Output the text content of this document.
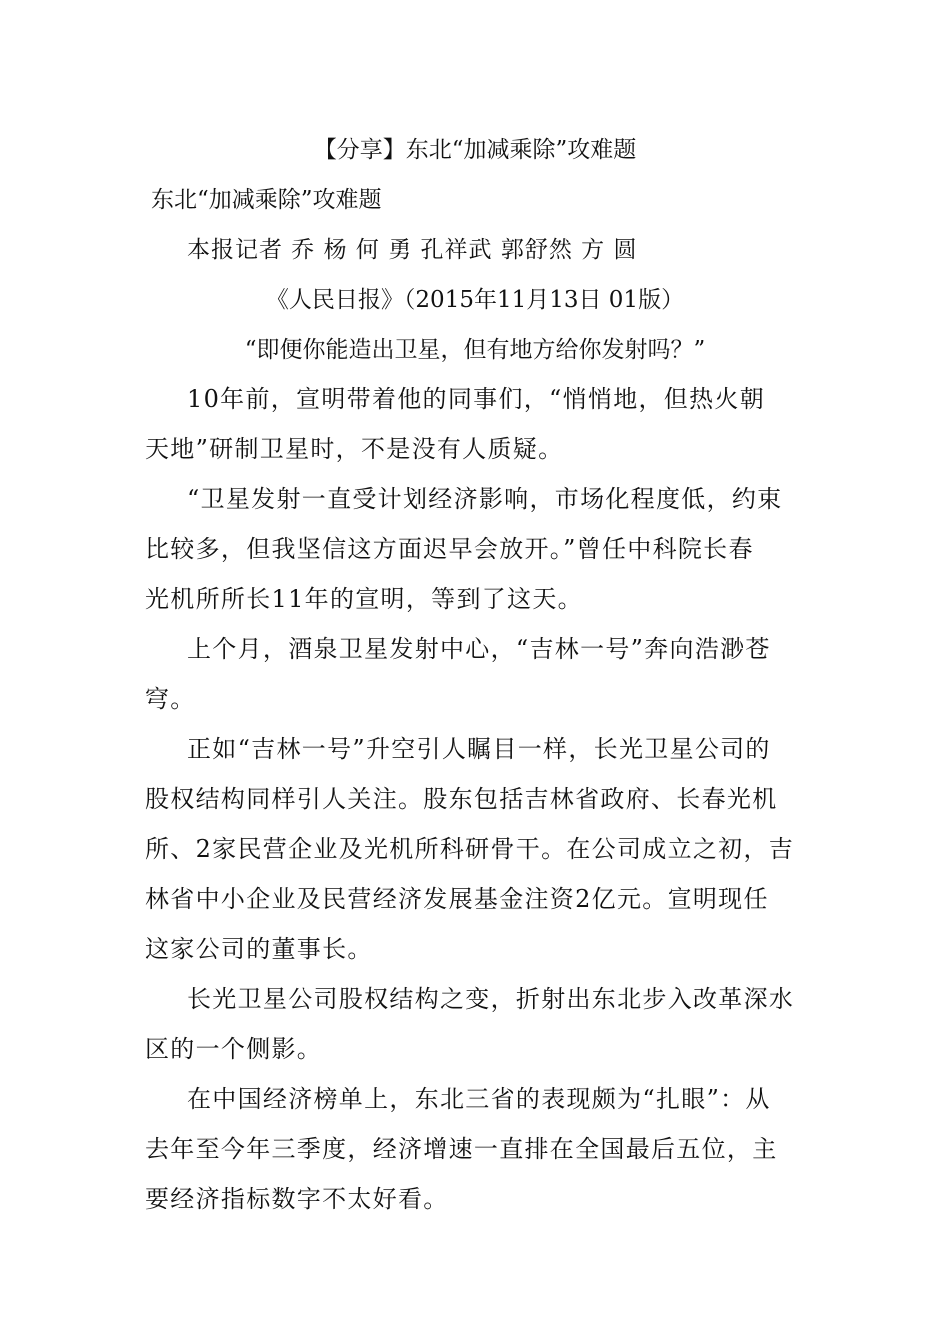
【分享】东北“加减乘除”攻难题
东北“加减乘除”攻难题
本报记者 乔 杨 何 勇 孔祥武 郭舒然 方 圆
《人民日报》（2015年11月13日 01版）
“即便你能造出卫星，但有地方给你发射吗？”
10年前，宣明带着他的同事们，“悄悄地，但热火朝
天地”研制卫星时，不是没有人质疑。
“卫星发射一直受计划经济影响，市场化程度低，约束
比较多，但我坚信这方面迟早会放开。”曾任中科院长春
光机所所长11年的宣明，等到了这天。
上个月，酒泉卫星发射中心，“吉林一号”奔向浩渺苍
穹。
正如“吉林一号”升空引人瞩目一样，长光卫星公司的
股权结构同样引人关注。股东包括吉林省政府、长春光机
所、2家民营企业及光机所科研骨干。在公司成立之初，吉
林省中小企业及民营经济发展基金注资2亿元。宣明现任
这家公司的董事长。
长光卫星公司股权结构之变，折射出东北步入改革深水
区的一个侧影。
在中国经济榜单上，东北三省的表现颇为“扎眼”：从
去年至今年三季度，经济增速一直排在全国最后五位，主
要经济指标数字不太好看。
